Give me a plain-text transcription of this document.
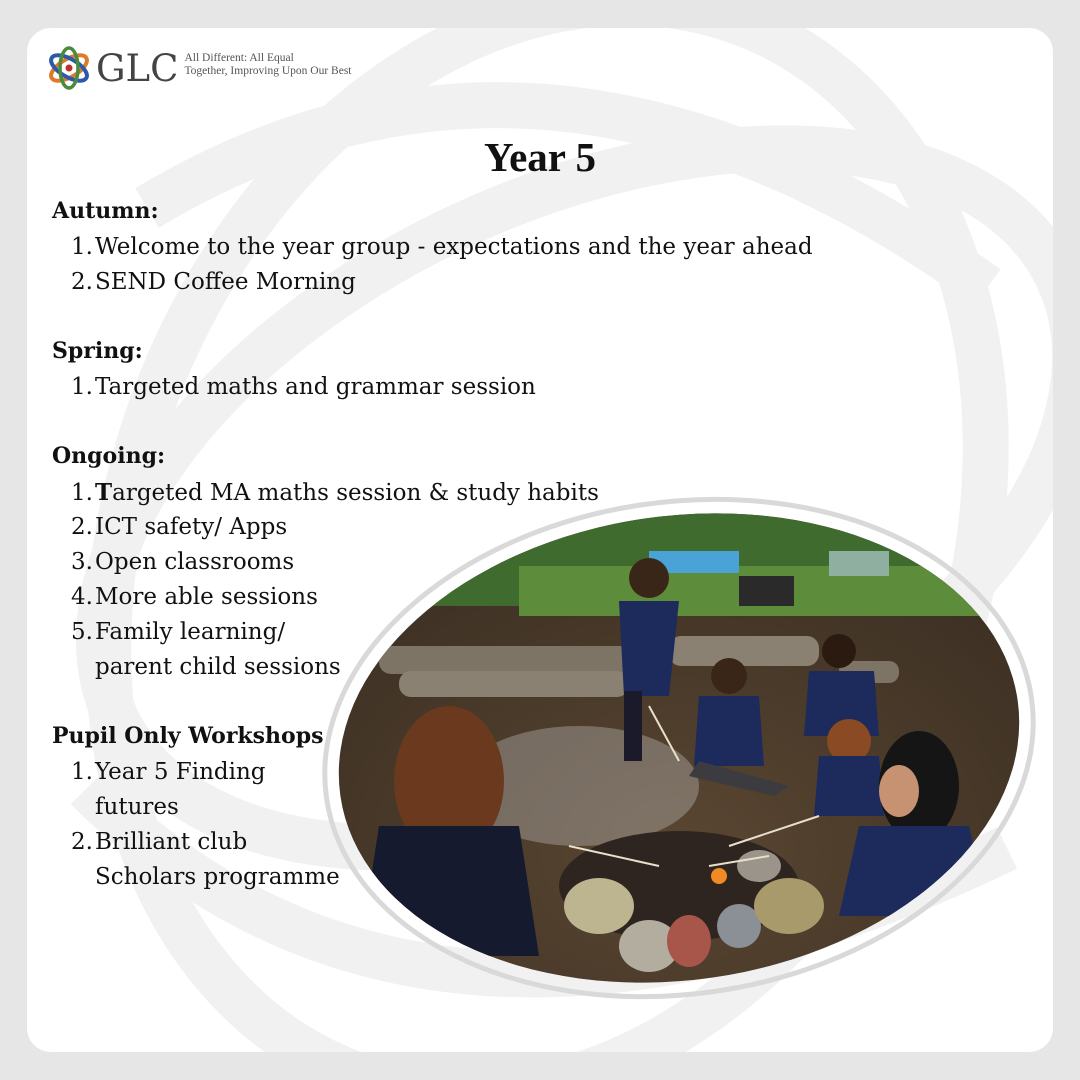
GLC All Different: All Equal
Together, Improving Upon Our Best
Year 5
Autumn:
1.Welcome to the year group - expectations and the year ahead
2.SEND Coffee Morning
Spring:
1.Targeted maths and grammar session
Ongoing:
1.Targeted MA maths session & study habits
2.ICT safety/ Apps
3.Open classrooms
4.More able sessions
5.Family learning/
parent child sessions
Pupil Only Workshops
1.Year 5 Finding
futures
2.Brilliant club
Scholars programme
